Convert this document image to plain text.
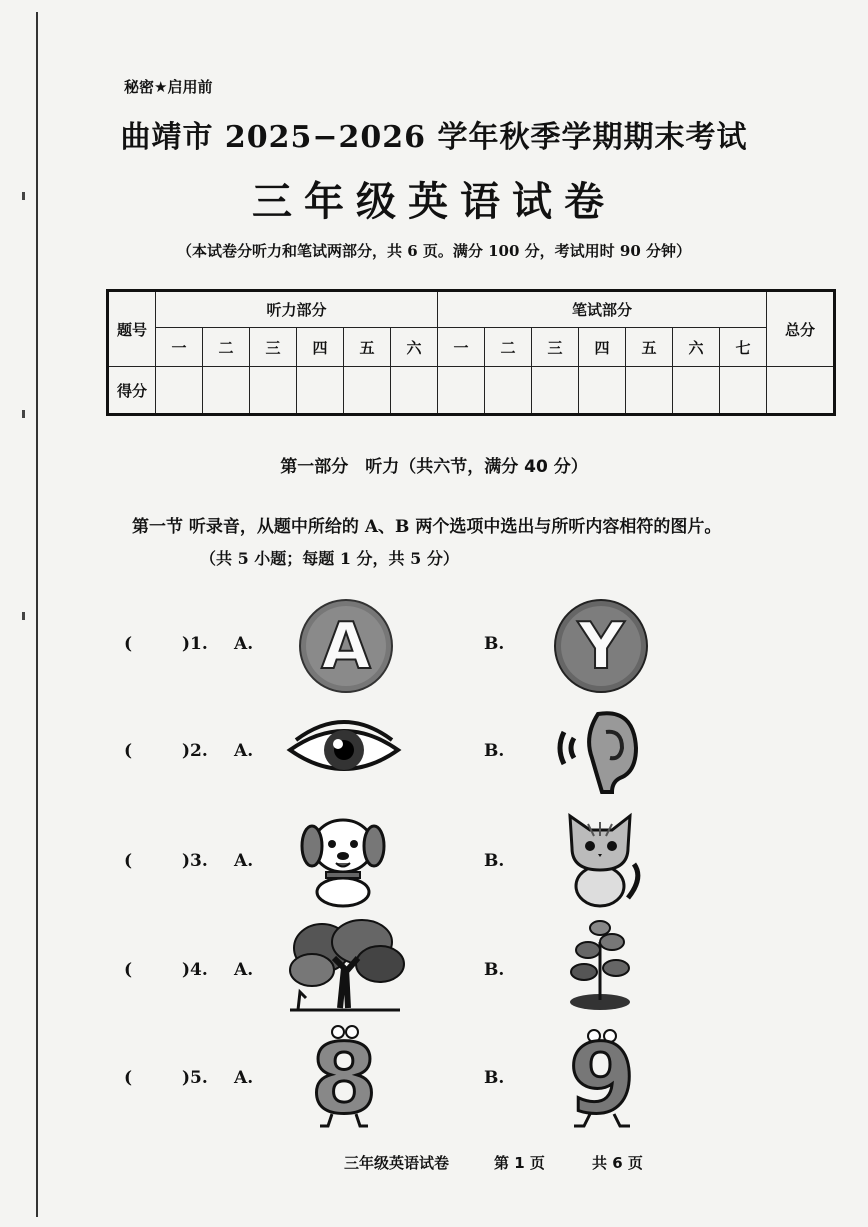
秘密★启用前
曲靖市 2025−2026 学年秋季学期期末考试
三年级英语试卷
（本试卷分听力和笔试两部分，共 6 页。满分 100 分，考试用时 90 分钟）
题号	听力部分						笔试部分							总分
	一	二	三	四	五	六	一	二	三	四	五	六	七	
得分														
第一部分　听力（共六节，满分 40 分）
第一节 听录音，从题中所给的 A、B 两个选项中选出与所听内容相符的图片。
（共 5 小题；每题 1 分，共 5 分）
(	)1. A.	B.
A	Y
(	)2. A.	B.
(	)3. A.	B.
(	)4. A.	B.
(	)5. A.	B.
8 9
三年级英语试卷	第 1 页	共 6 页
